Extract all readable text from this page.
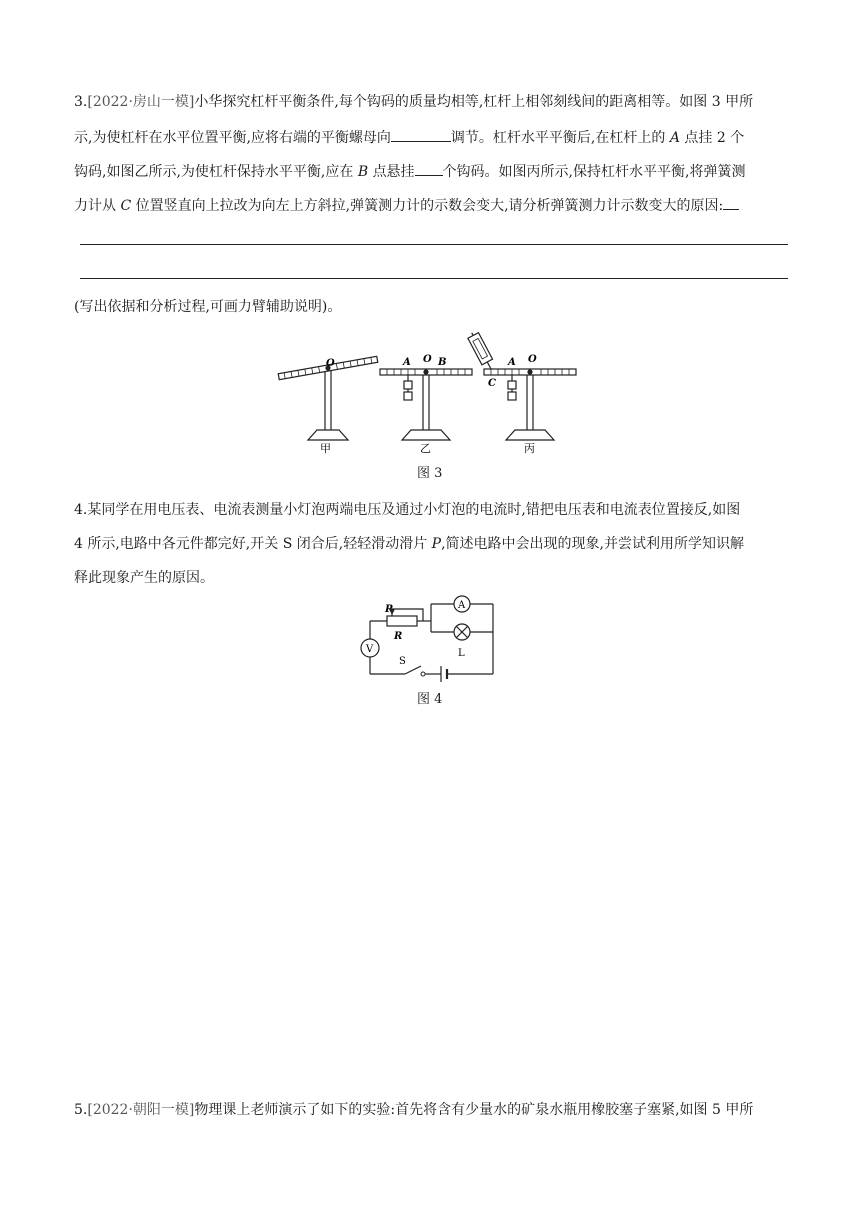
3.[2022·房山一模]小华探究杠杆平衡条件,每个钩码的质量均相等,杠杆上相邻刻线间的距离相等。如图 3 甲所
示,为使杠杆在水平位置平衡,应将右端的平衡螺母向	调节。杠杆水平平衡后,在杠杆上的 A 点挂 2 个
钩码,如图乙所示,为使杠杆保持水平平衡,应在 B 点悬挂 个钩码。如图丙所示,保持杠杆水平平衡,将弹簧测
力计从 C 位置竖直向上拉改为向左上方斜拉,弹簧测力计的示数会变大,请分析弹簧测力计示数变大的原因:
(写出依据和分析过程,可画力臂辅助说明)。
O	A O B	A O
C
甲	乙	丙
图 3
4.某同学在用电压表、电流表测量小灯泡两端电压及通过小灯泡的电流时,错把电压表和电流表位置接反,如图
4 所示,电路中各元件都完好,开关 S 闭合后,轻轻滑动滑片 P,简述电路中会出现的现象,并尝试利用所学知识解
释此现象产生的原因。
P
R
A
L
V
S
图 4
5.[2022·朝阳一模]物理课上老师演示了如下的实验:首先将含有少量水的矿泉水瓶用橡胶塞子塞紧,如图 5 甲所
